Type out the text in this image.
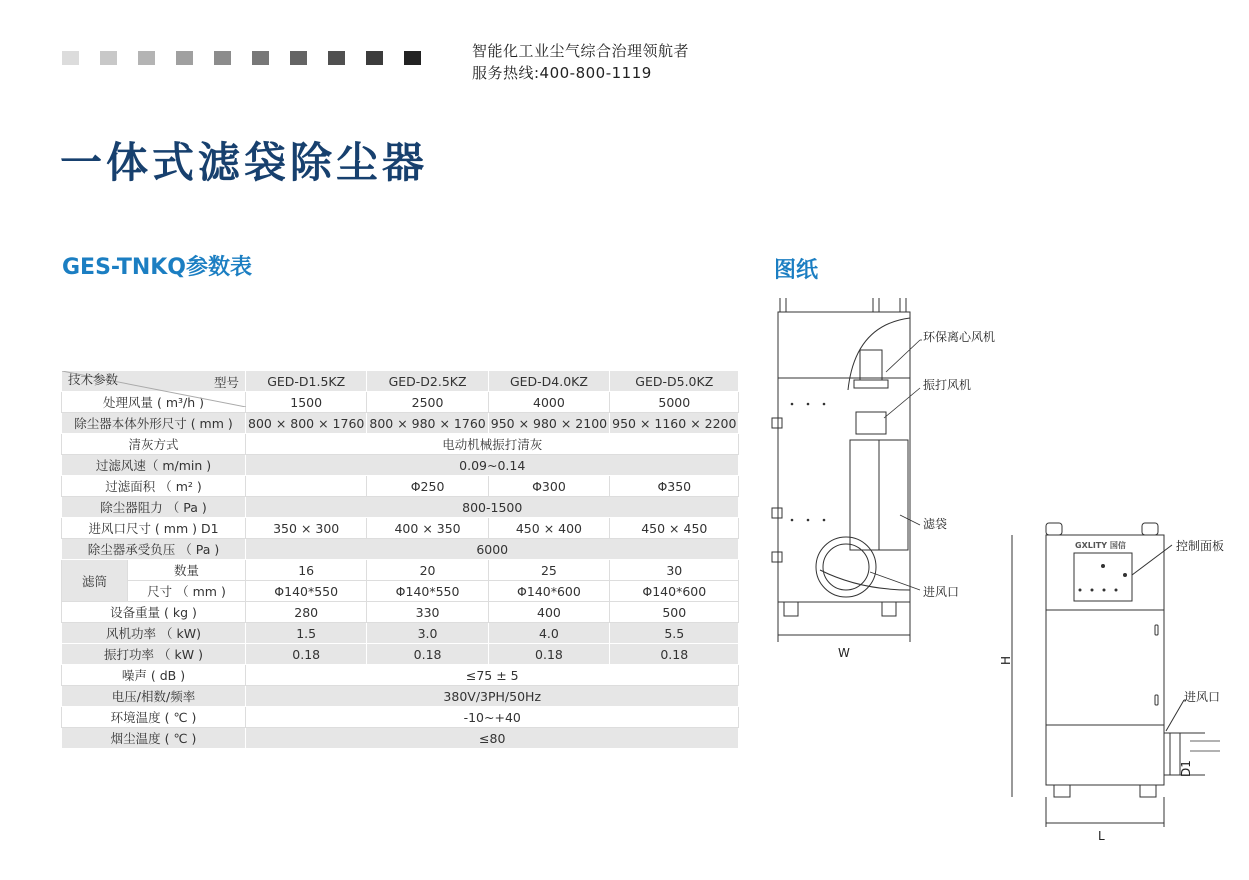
智能化工业尘气综合治理领航者
服务热线:400-800-1119
一体式滤袋除尘器
GES-TNKQ参数表	图纸
型号
技术参数		GED-D1.5KZ	GED-D2.5KZ	GED-D4.0KZ	GED-D5.0KZ
处理风量 ( m³/h )		1500	2500	4000	5000
除尘器本体外形尺寸 ( mm )		800 × 800 × 1760	800 × 980 × 1760	950 × 980 × 2100	950 × 1160 × 2200
清灰方式		电动机械振打清灰			
过滤风速（ m/min )		0.09~0.14			
过滤面积 （ m² )			Φ250	Φ300	Φ350
除尘器阻力 （ Pa )		800-1500			
进风口尺寸 ( mm ) D1		350 × 300	400 × 350	450 × 400	450 × 450
除尘器承受负压 （ Pa )		6000			
滤筒	数量	16	20	25	30
	尺寸 （ mm )	Φ140*550	Φ140*550	Φ140*600	Φ140*600
设备重量 ( kg )		280	330	400	500
风机功率 （ kW)		1.5	3.0	4.0	5.5
振打功率 （ kW )		0.18	0.18	0.18	0.18
噪声 ( dB )		≤75 ± 5			
电压/相数/频率		380V/3PH/50Hz			
环境温度 ( ℃ )		-10~+40			
烟尘温度 ( ℃ )		≤80			
环保离心风机
振打风机
滤袋
进风口
W
GXLITY 国信	控制面板
进风口
H
L
D1
